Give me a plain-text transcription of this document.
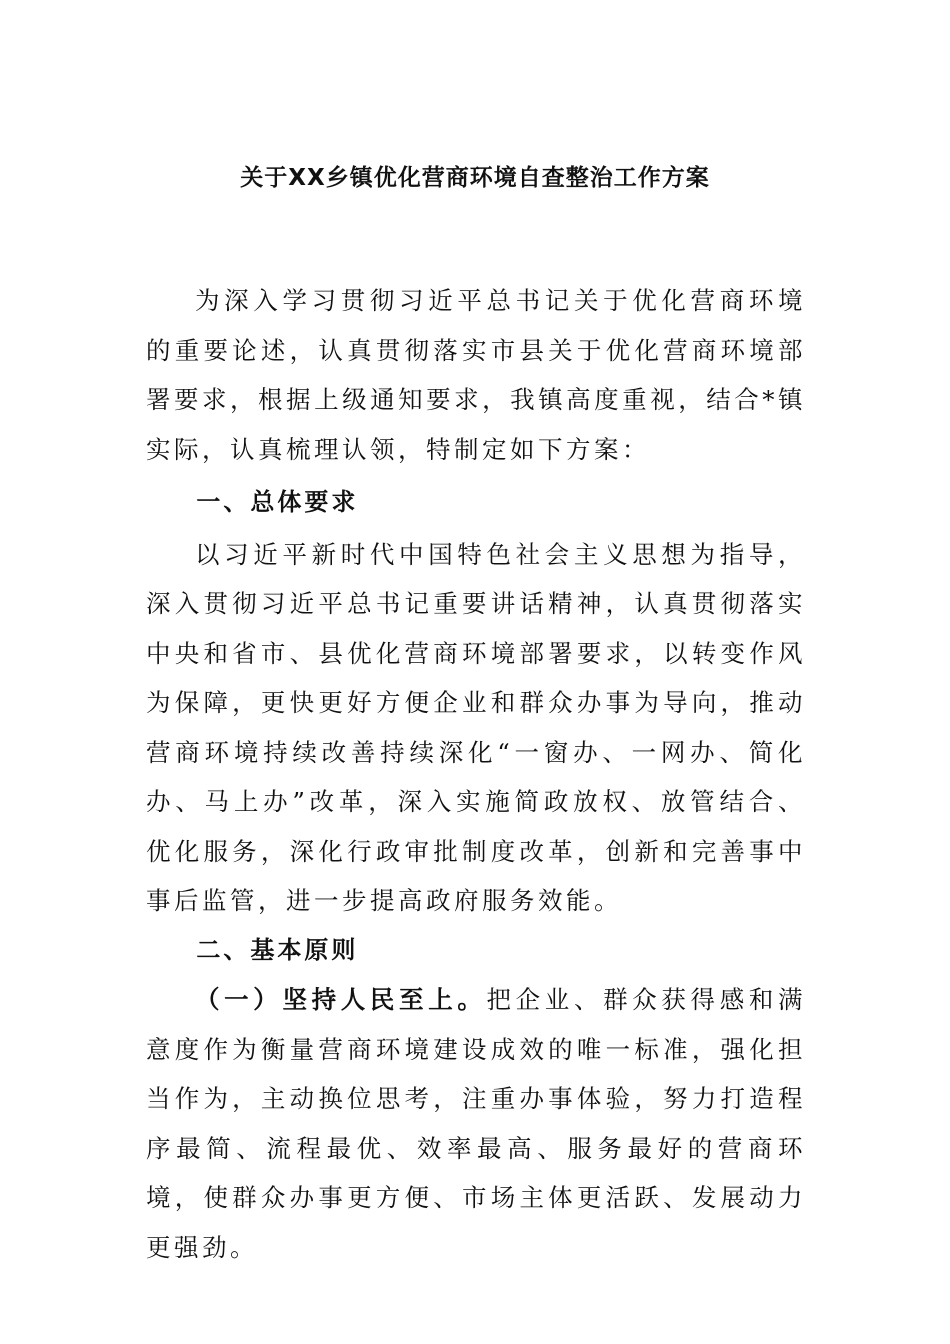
关于XX乡镇优化营商环境自查整治工作方案

为深入学习贯彻习近平总书记关于优化营商环境的重要论述，认真贯彻落实市县关于优化营商环境部署要求，根据上级通知要求，我镇高度重视，结合*镇实际，认真梳理认领，特制定如下方案：

一、总体要求

以习近平新时代中国特色社会主义思想为指导，深入贯彻习近平总书记重要讲话精神，认真贯彻落实中央和省市、县优化营商环境部署要求，以转变作风为保障，更快更好方便企业和群众办事为导向，推动营商环境持续改善持续深化“一窗办、一网办、简化办、马上办”改革，深入实施简政放权、放管结合、优化服务，深化行政审批制度改革，创新和完善事中事后监管，进一步提高政府服务效能。

二、基本原则

（一）坚持人民至上。把企业、群众获得感和满意度作为衡量营商环境建设成效的唯一标准，强化担当作为，主动换位思考，注重办事体验，努力打造程序最简、流程最优、效率最高、服务最好的营商环境，使群众办事更方便、市场主体更活跃、发展动力更强劲。
